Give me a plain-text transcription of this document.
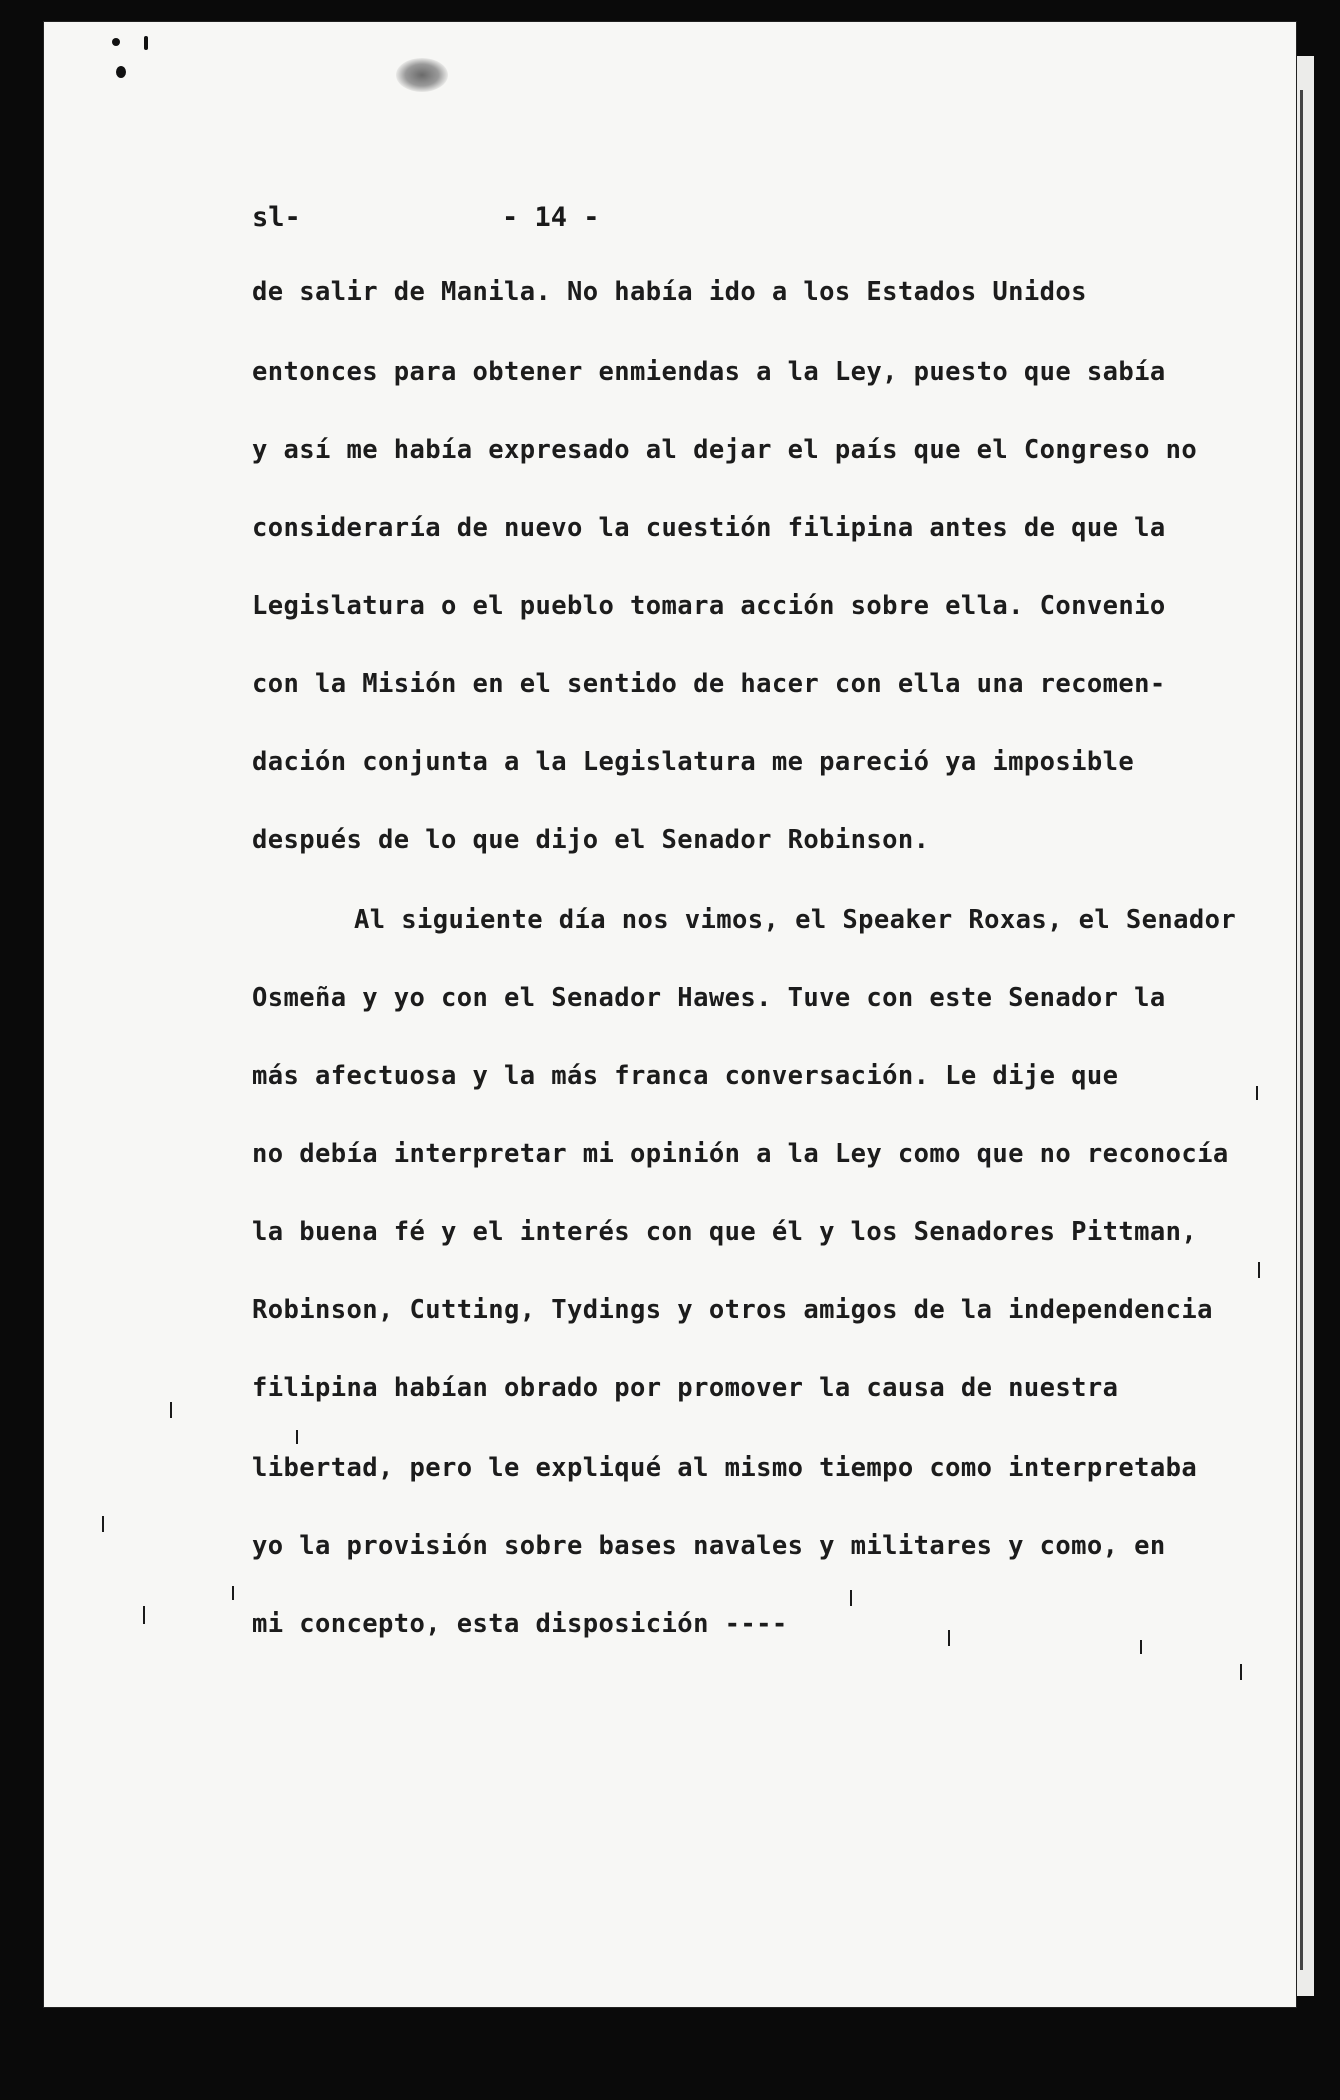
sl-	- 14 -
de salir de Manila. No había ido a los Estados Unidos
entonces para obtener enmiendas a la Ley, puesto que sabía
y así me había expresado al dejar el país que el Congreso no
consideraría de nuevo la cuestión filipina antes de que la
Legislatura o el pueblo tomara acción sobre ella. Convenio
con la Misión en el sentido de hacer con ella una recomen-
dación conjunta a la Legislatura me pareció ya imposible
después de lo que dijo el Senador Robinson.
Al siguiente día nos vimos, el Speaker Roxas, el Senador
Osmeña y yo con el Senador Hawes. Tuve con este Senador la
más afectuosa y la más franca conversación. Le dije que
no debía interpretar mi opinión a la Ley como que no reconocía
la buena fé y el interés con que él y los Senadores Pittman,
Robinson, Cutting, Tydings y otros amigos de la independencia
filipina habían obrado por promover la causa de nuestra
libertad, pero le expliqué al mismo tiempo como interpretaba
yo la provisión sobre bases navales y militares y como, en
mi concepto, esta disposición ----
